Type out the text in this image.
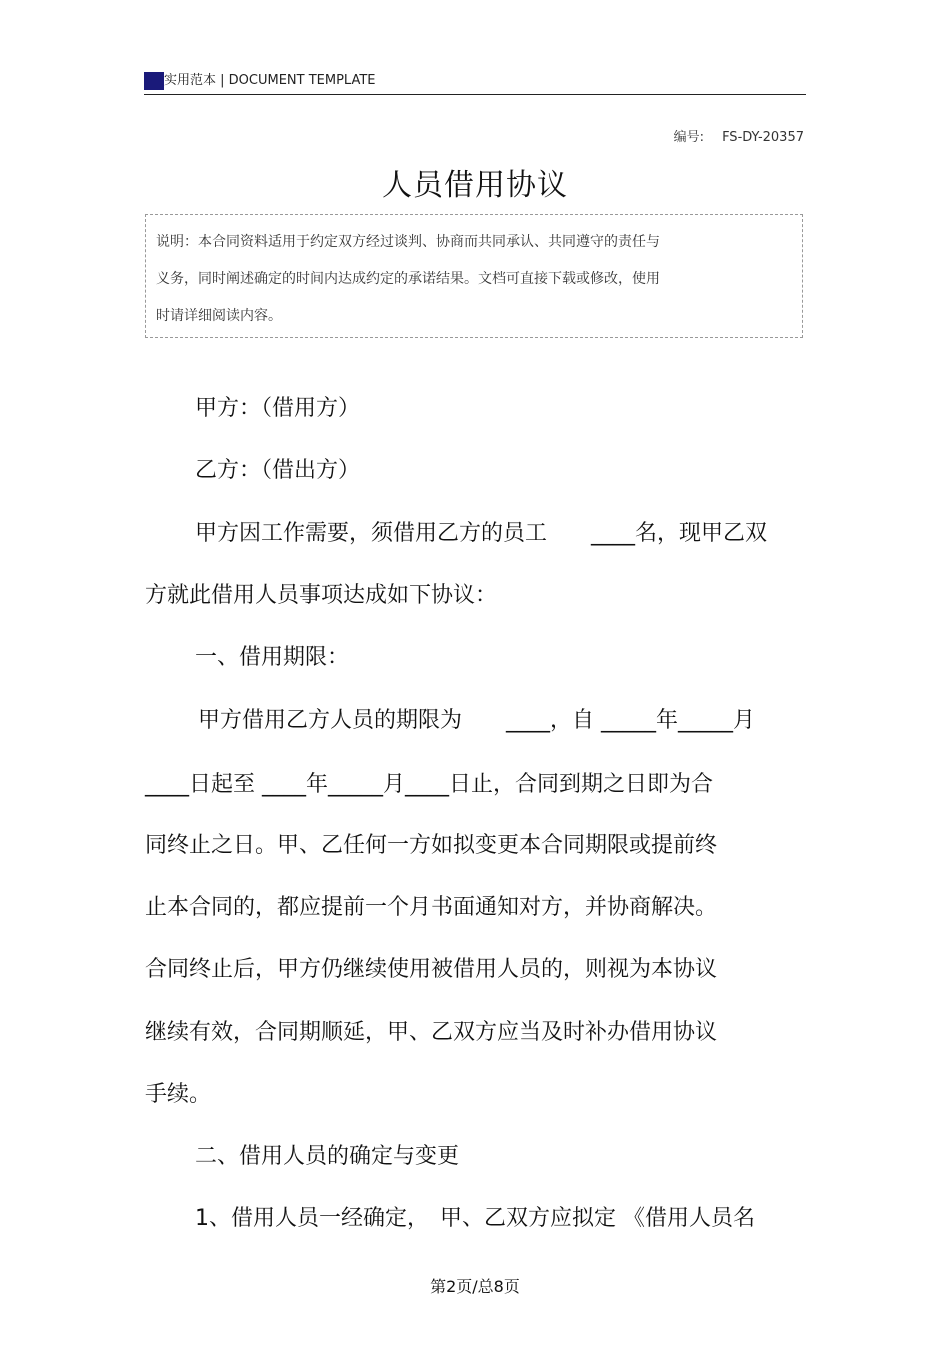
实用范本 | DOCUMENT TEMPLATE
编号: FS-DY-20357
人员借用协议

说明：本合同资料适用于约定双方经过谈判、协商而共同承认、共同遵守的责任与

义务，同时阐述确定的时间内达成约定的承诺结果。文档可直接下载或修改，使用

时请详细阅读内容。

甲方：（借用方）
乙方：（借出方）
甲方因工作需要，须借用乙方的员工　　____名，现甲乙双
方就此借用人员事项达成如下协议：
一、借用期限：
甲方借用乙方人员的期限为　　____，自 _____年_____月
____日起至 ____年_____月____日止，合同到期之日即为合
同终止之日。甲、乙任何一方如拟变更本合同期限或提前终
止本合同的，都应提前一个月书面通知对方，并协商解决。
合同终止后，甲方仍继续使用被借用人员的，则视为本协议
继续有效，合同期顺延，甲、乙双方应当及时补办借用协议
手续。
二、借用人员的确定与变更
1、借用人员一经确定，　甲、乙双方应拟定 《借用人员名
第2页/总8页
